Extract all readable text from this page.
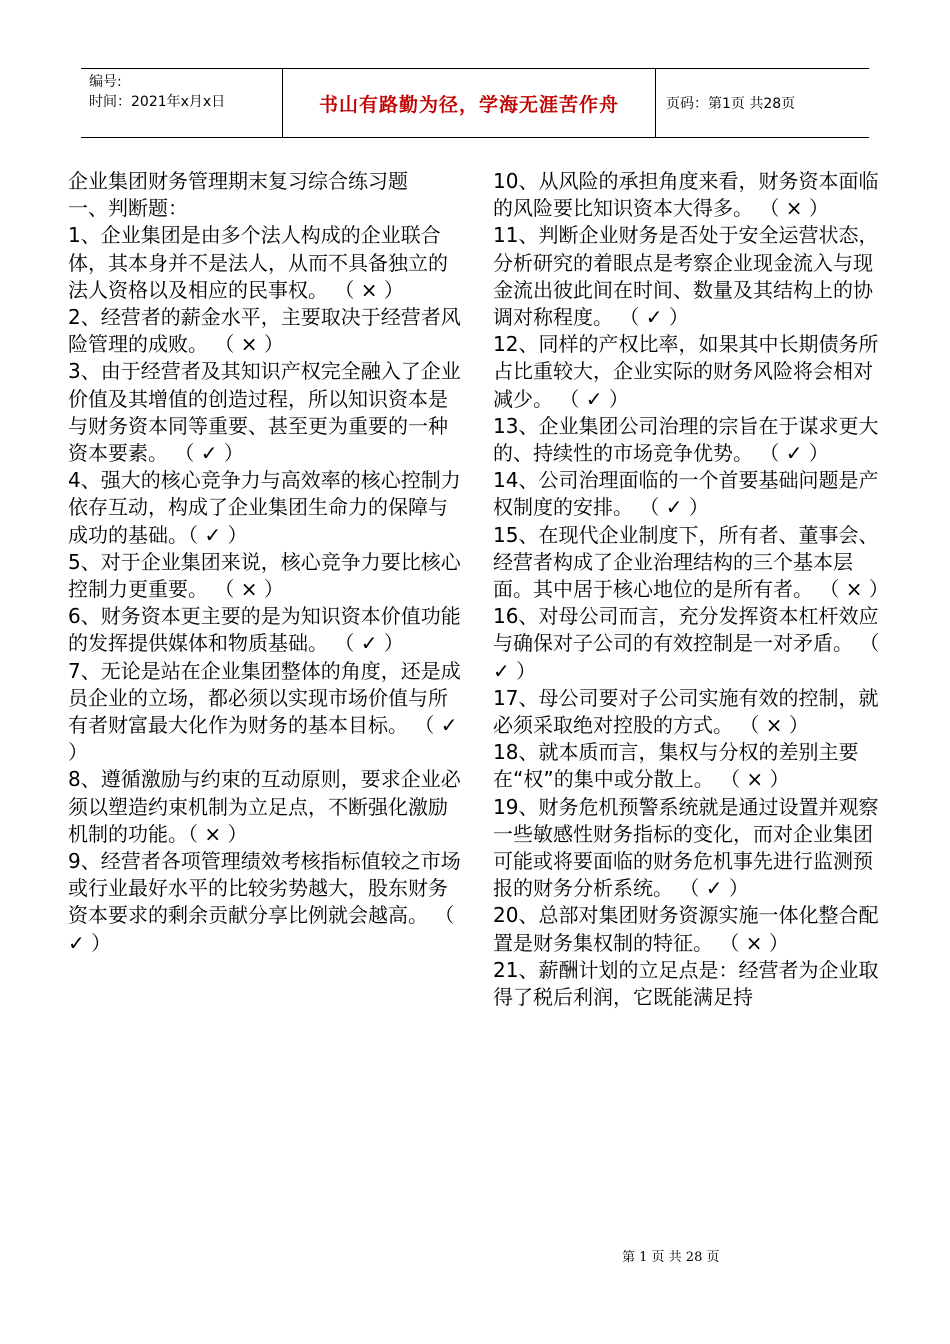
编号:
时间：2021年x月x日	书山有路勤为径，学海无涯苦作舟	页码：第1页 共28页

企业集团财务管理期末复习综合练习题

一、判断题：

1、企业集团是由多个法人构成的企业联合体，其本身并不是法人，从而不具备独立的法人资格以及相应的民事权。 （ × ）

2、经营者的薪金水平，主要取决于经营者风险管理的成败。 （ × ）

3、由于经营者及其知识产权完全融入了企业价值及其增值的创造过程，所以知识资本是与财务资本同等重要、甚至更为重要的一种资本要素。 （ ✓ ）

4、强大的核心竞争力与高效率的核心控制力依存互动，构成了企业集团生命力的保障与成功的基础。（ ✓ ）

5、对于企业集团来说，核心竞争力要比核心控制力更重要。 （ × ）

6、财务资本更主要的是为知识资本价值功能的发挥提供媒体和物质基础。 （ ✓ ）

7、无论是站在企业集团整体的角度，还是成员企业的立场，都必须以实现市场价值与所有者财富最大化作为财务的基本目标。 （ ✓ ）

8、遵循激励与约束的互动原则，要求企业必须以塑造约束机制为立足点，不断强化激励机制的功能。（ × ）

9、经营者各项管理绩效考核指标值较之市场或行业最好水平的比较劣势越大，股东财务资本要求的剩余贡献分享比例就会越高。 （ ✓ ）

10、从风险的承担角度来看，财务资本面临的风险要比知识资本大得多。 （ × ）

11、判断企业财务是否处于安全运营状态，分析研究的着眼点是考察企业现金流入与现金流出彼此间在时间、数量及其结构上的协调对称程度。 （ ✓ ）

12、同样的产权比率，如果其中长期债务所占比重较大，企业实际的财务风险将会相对减少。 （ ✓ ）

13、企业集团公司治理的宗旨在于谋求更大的、持续性的市场竞争优势。 （ ✓ ）

14、公司治理面临的一个首要基础问题是产权制度的安排。 （ ✓ ）

15、在现代企业制度下，所有者、董事会、经营者构成了企业治理结构的三个基本层面。其中居于核心地位的是所有者。 （ × ）

16、对母公司而言，充分发挥资本杠杆效应与确保对子公司的有效控制是一对矛盾。 （ ✓ ）

17、母公司要对子公司实施有效的控制，就必须采取绝对控股的方式。 （ × ）

18、就本质而言，集权与分权的差别主要在“权”的集中或分散上。 （ × ）

19、财务危机预警系统就是通过设置并观察一些敏感性财务指标的变化，而对企业集团可能或将要面临的财务危机事先进行监测预报的财务分析系统。 （ ✓ ）

20、总部对集团财务资源实施一体化整合配置是财务集权制的特征。 （ × ）

21、薪酬计划的立足点是：经营者为企业取得了税后利润，它既能满足持

第 1 页 共 28 页
